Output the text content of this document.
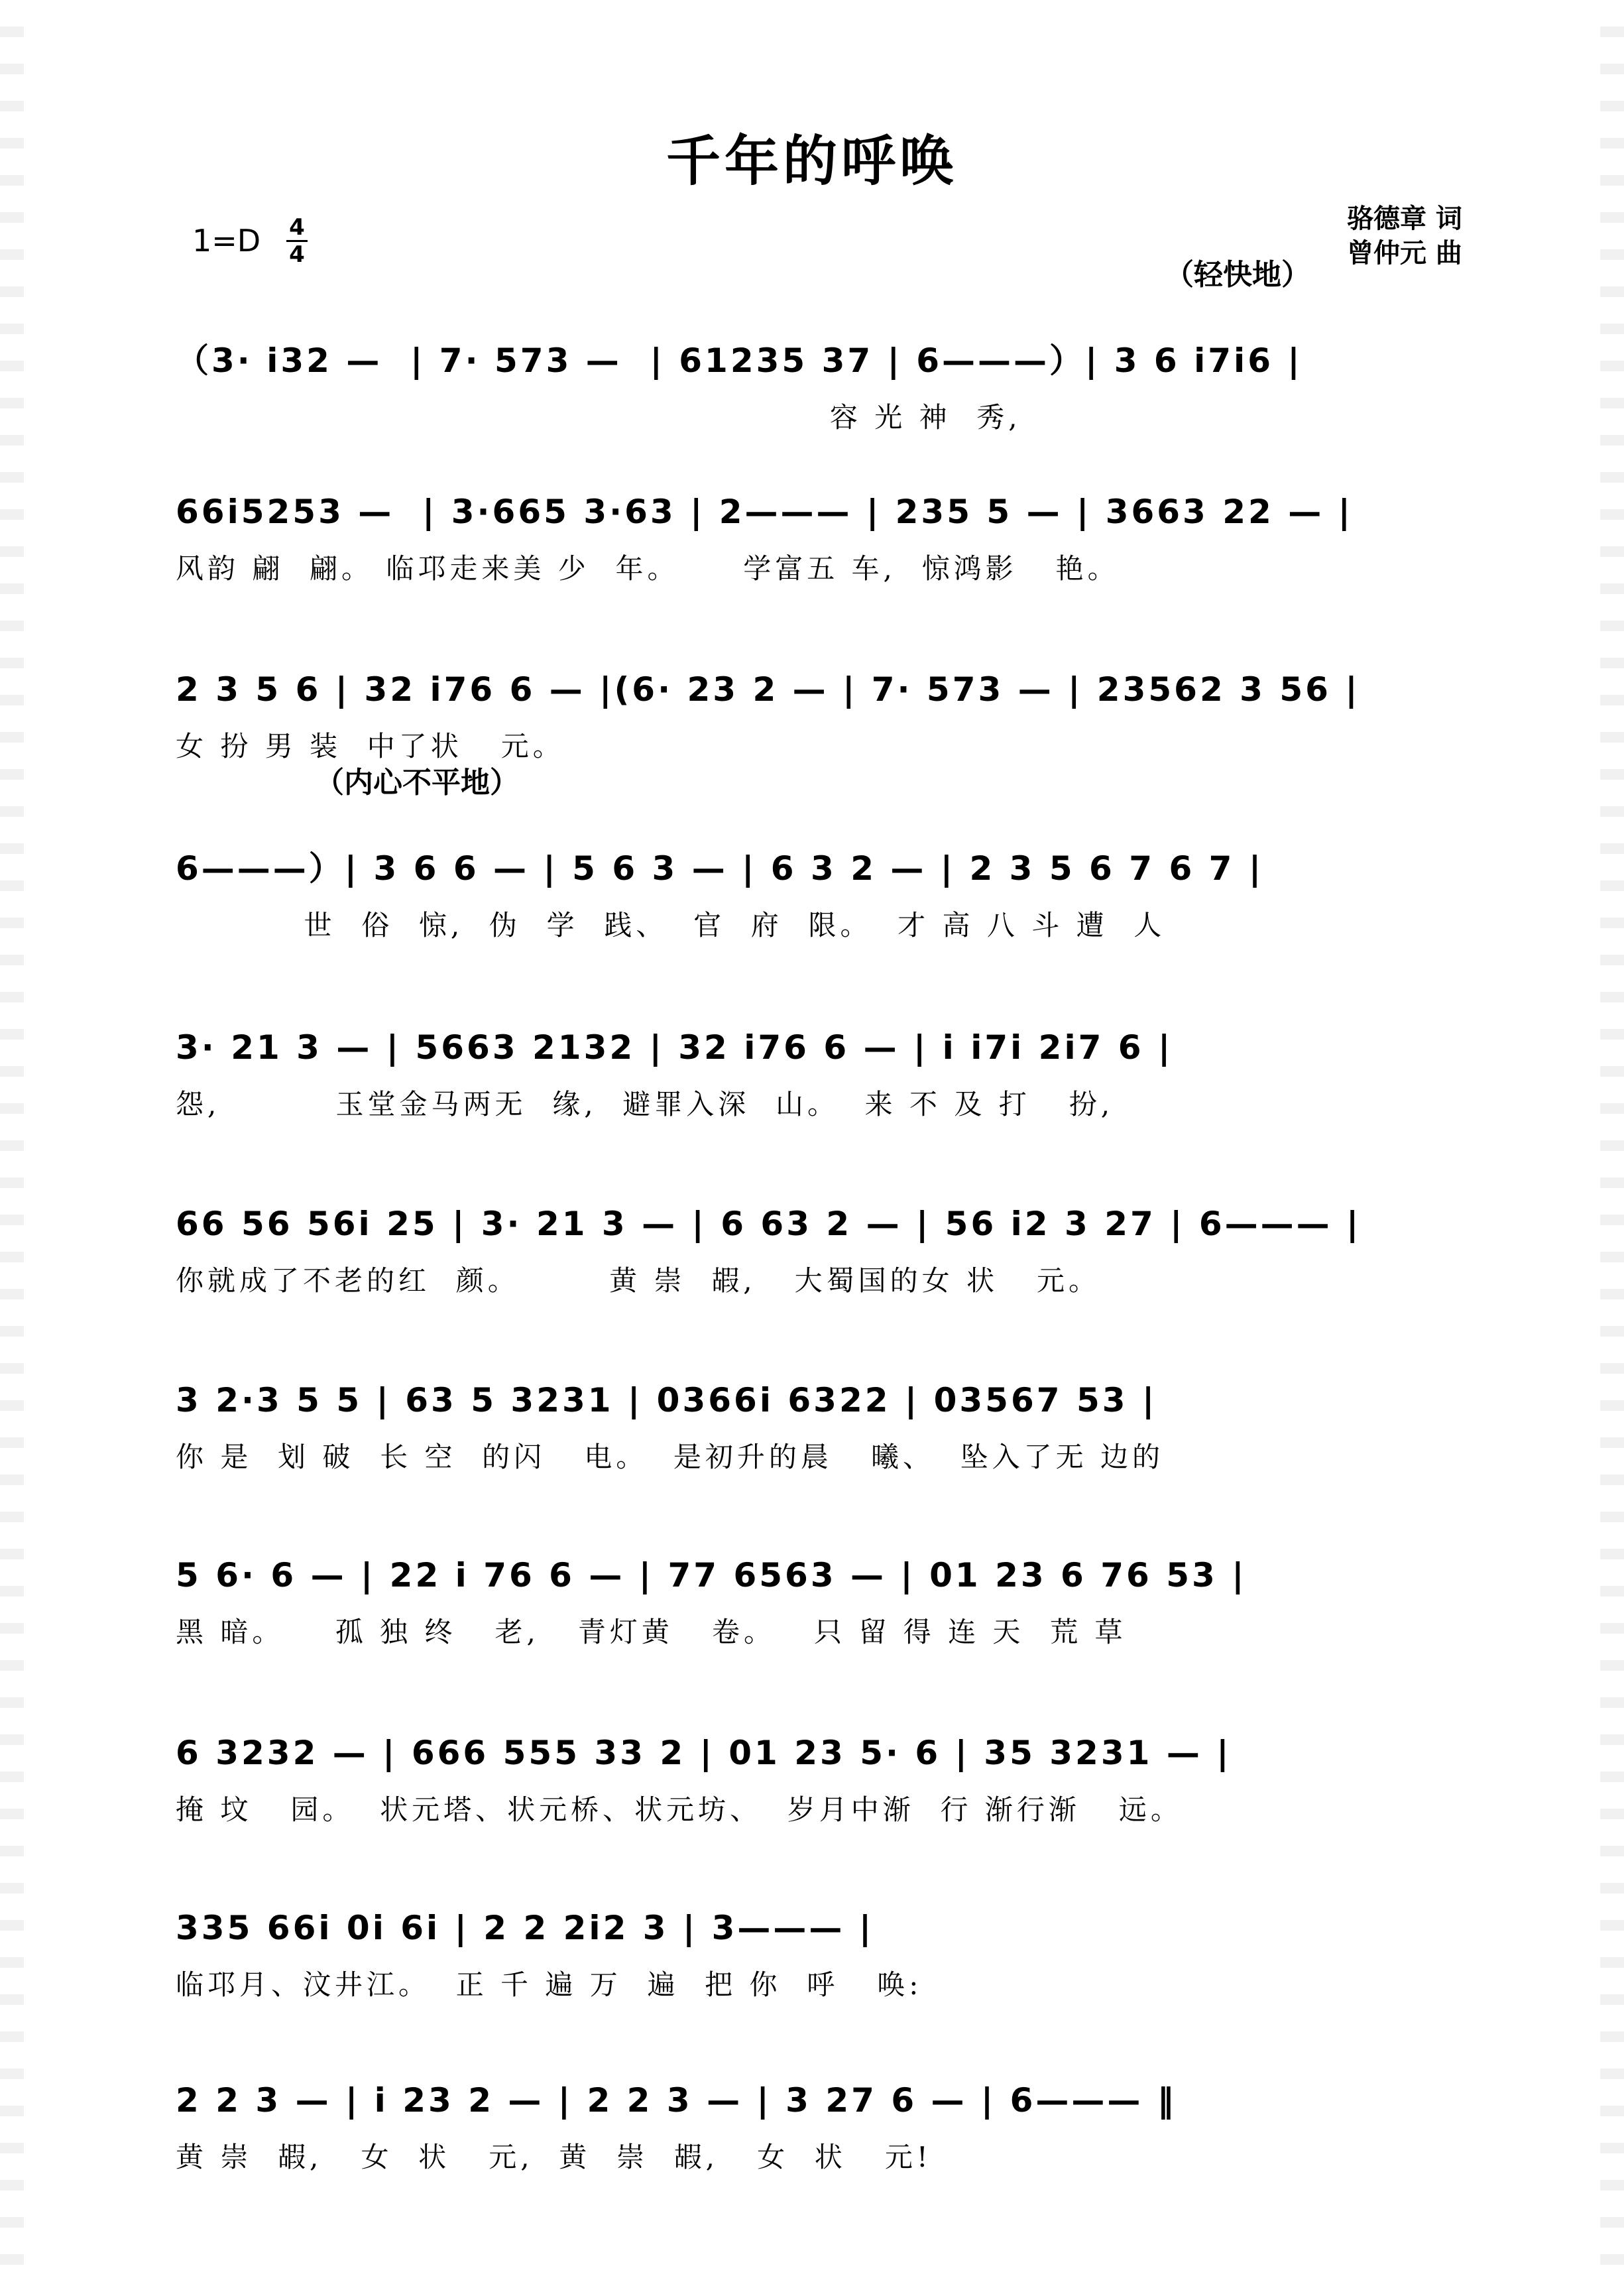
千年的呼唤
1=D 4
4
骆德章 词
曾仲元 曲
（轻快地）
（3· i32 —  | 7· 573 —  | 61235 37 | 6———）| 3 6 i7i6 |
容 光 神  秀,
66i5253 —  | 3·665 3·63 | 2——— | 235 5 — | 3663 22 — |
风韵 翩  翩。 临邛走来美 少  年。     学富五 车,  惊鸿影   艳。
2 3 5 6 | 32 i76 6 — |(6· 23 2 — | 7· 573 — | 23562 3 56 |
女 扮 男 装  中了状   元。
（内心不平地）
6———）| 3 6 6 — | 5 6 3 — | 6 3 2 — | 2 3 5 6 7 6 7 |
世  俗  惊,  伪  学  践、  官  府  限。  才 高 八 斗 遭  人
3· 21 3 — | 5663 2132 | 32 i76 6 — | i i7i 2i7 6 |
怨,         玉堂金马两无  缘,  避罪入深  山。  来 不 及 打   扮,
66 56 56i 25 | 3· 21 3 — | 6 63 2 — | 56 i2 3 27 | 6——— |
你就成了不老的红  颜。       黄 崇  嘏,   大蜀国的女 状   元。
3 2·3 5 5 | 63 5 3231 | 0366i 6322 | 03567 53 |
你 是  划 破  长 空  的闪   电。  是初升的晨   曦、  坠入了无 边的
5 6· 6 — | 22 i 76 6 — | 77 6563 — | 01 23 6 76 53 |
黑 暗。    孤 独 终   老,   青灯黄   卷。   只 留 得 连 天  荒 草
6 3232 — | 666 555 33 2 | 01 23 5· 6 | 35 3231 — |
掩 坟   园。  状元塔、状元桥、状元坊、  岁月中渐  行 渐行渐   远。
335 66i 0i 6i | 2 2 2i2 3 | 3——— |
临邛月、汶井江。  正 千 遍 万  遍  把 你  呼   唤:
2 2 3 — | i 23 2 — | 2 2 3 — | 3 27 6 — | 6——— ‖
黄 崇  嘏,   女  状   元,  黄  崇  嘏,   女  状   元!
